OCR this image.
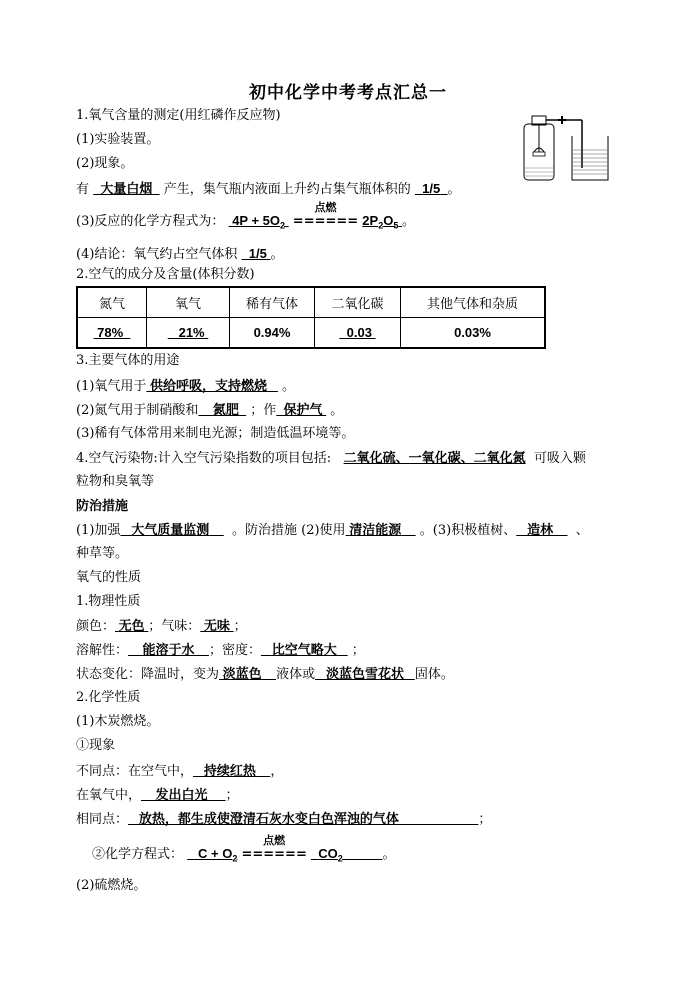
初中化学中考考点汇总一
1.氧气含量的测定(用红磷作反应物)
(1)实验装置。
(2)现象。
有 大量白烟 产生，集气瓶内液面上升约占集气瓶体积的 1/5 。
(3)反应的化学方程式为： $4P + 5O_2$
点燃
====== $2P_2O_5$ 。
(4)结论：氧气约占空气体积 1/5 。
2.空气的成分及含量(体积分数)
氮气	氧气	稀有气体	二氧化碳	其他气体和杂质
78%	21%	0.94%	0.03	0.03%
3.主要气体的用途
(1)氧气用于 供给呼吸，支持燃烧 。
(2)氮气用于制硝酸和 氮肥 ；作 保护气 。
(3)稀有气体常用来制电光源；制造低温环境等。
4.空气污染物:计入空气污染指数的项目包括: 二氧化硫、一氧化碳、二氧化氮 可吸入颗
粒物和臭氧等
防治措施
(1)加强 大气质量监测 。防治措施 (2)使用 清洁能源 。(3)积极植树、 造林 、
种草等。
氧气的性质
1.物理性质
颜色： 无色 ；气味： 无味 ；
溶解性： 能溶于水 ；密度： 比空气略大 ；
状态变化：降温时，变为 淡蓝色 液体或 淡蓝色雪花状 固体。
2.化学性质
(1)木炭燃烧。
①现象
不同点：在空气中， 持续红热 ，
在氧气中， 发出白光 ；
相同点： 放热，都生成使澄清石灰水变白色浑浊的气体	；
②化学方程式： $C + O_2$
点燃
====== $CO_2$	。
(2)硫燃烧。
